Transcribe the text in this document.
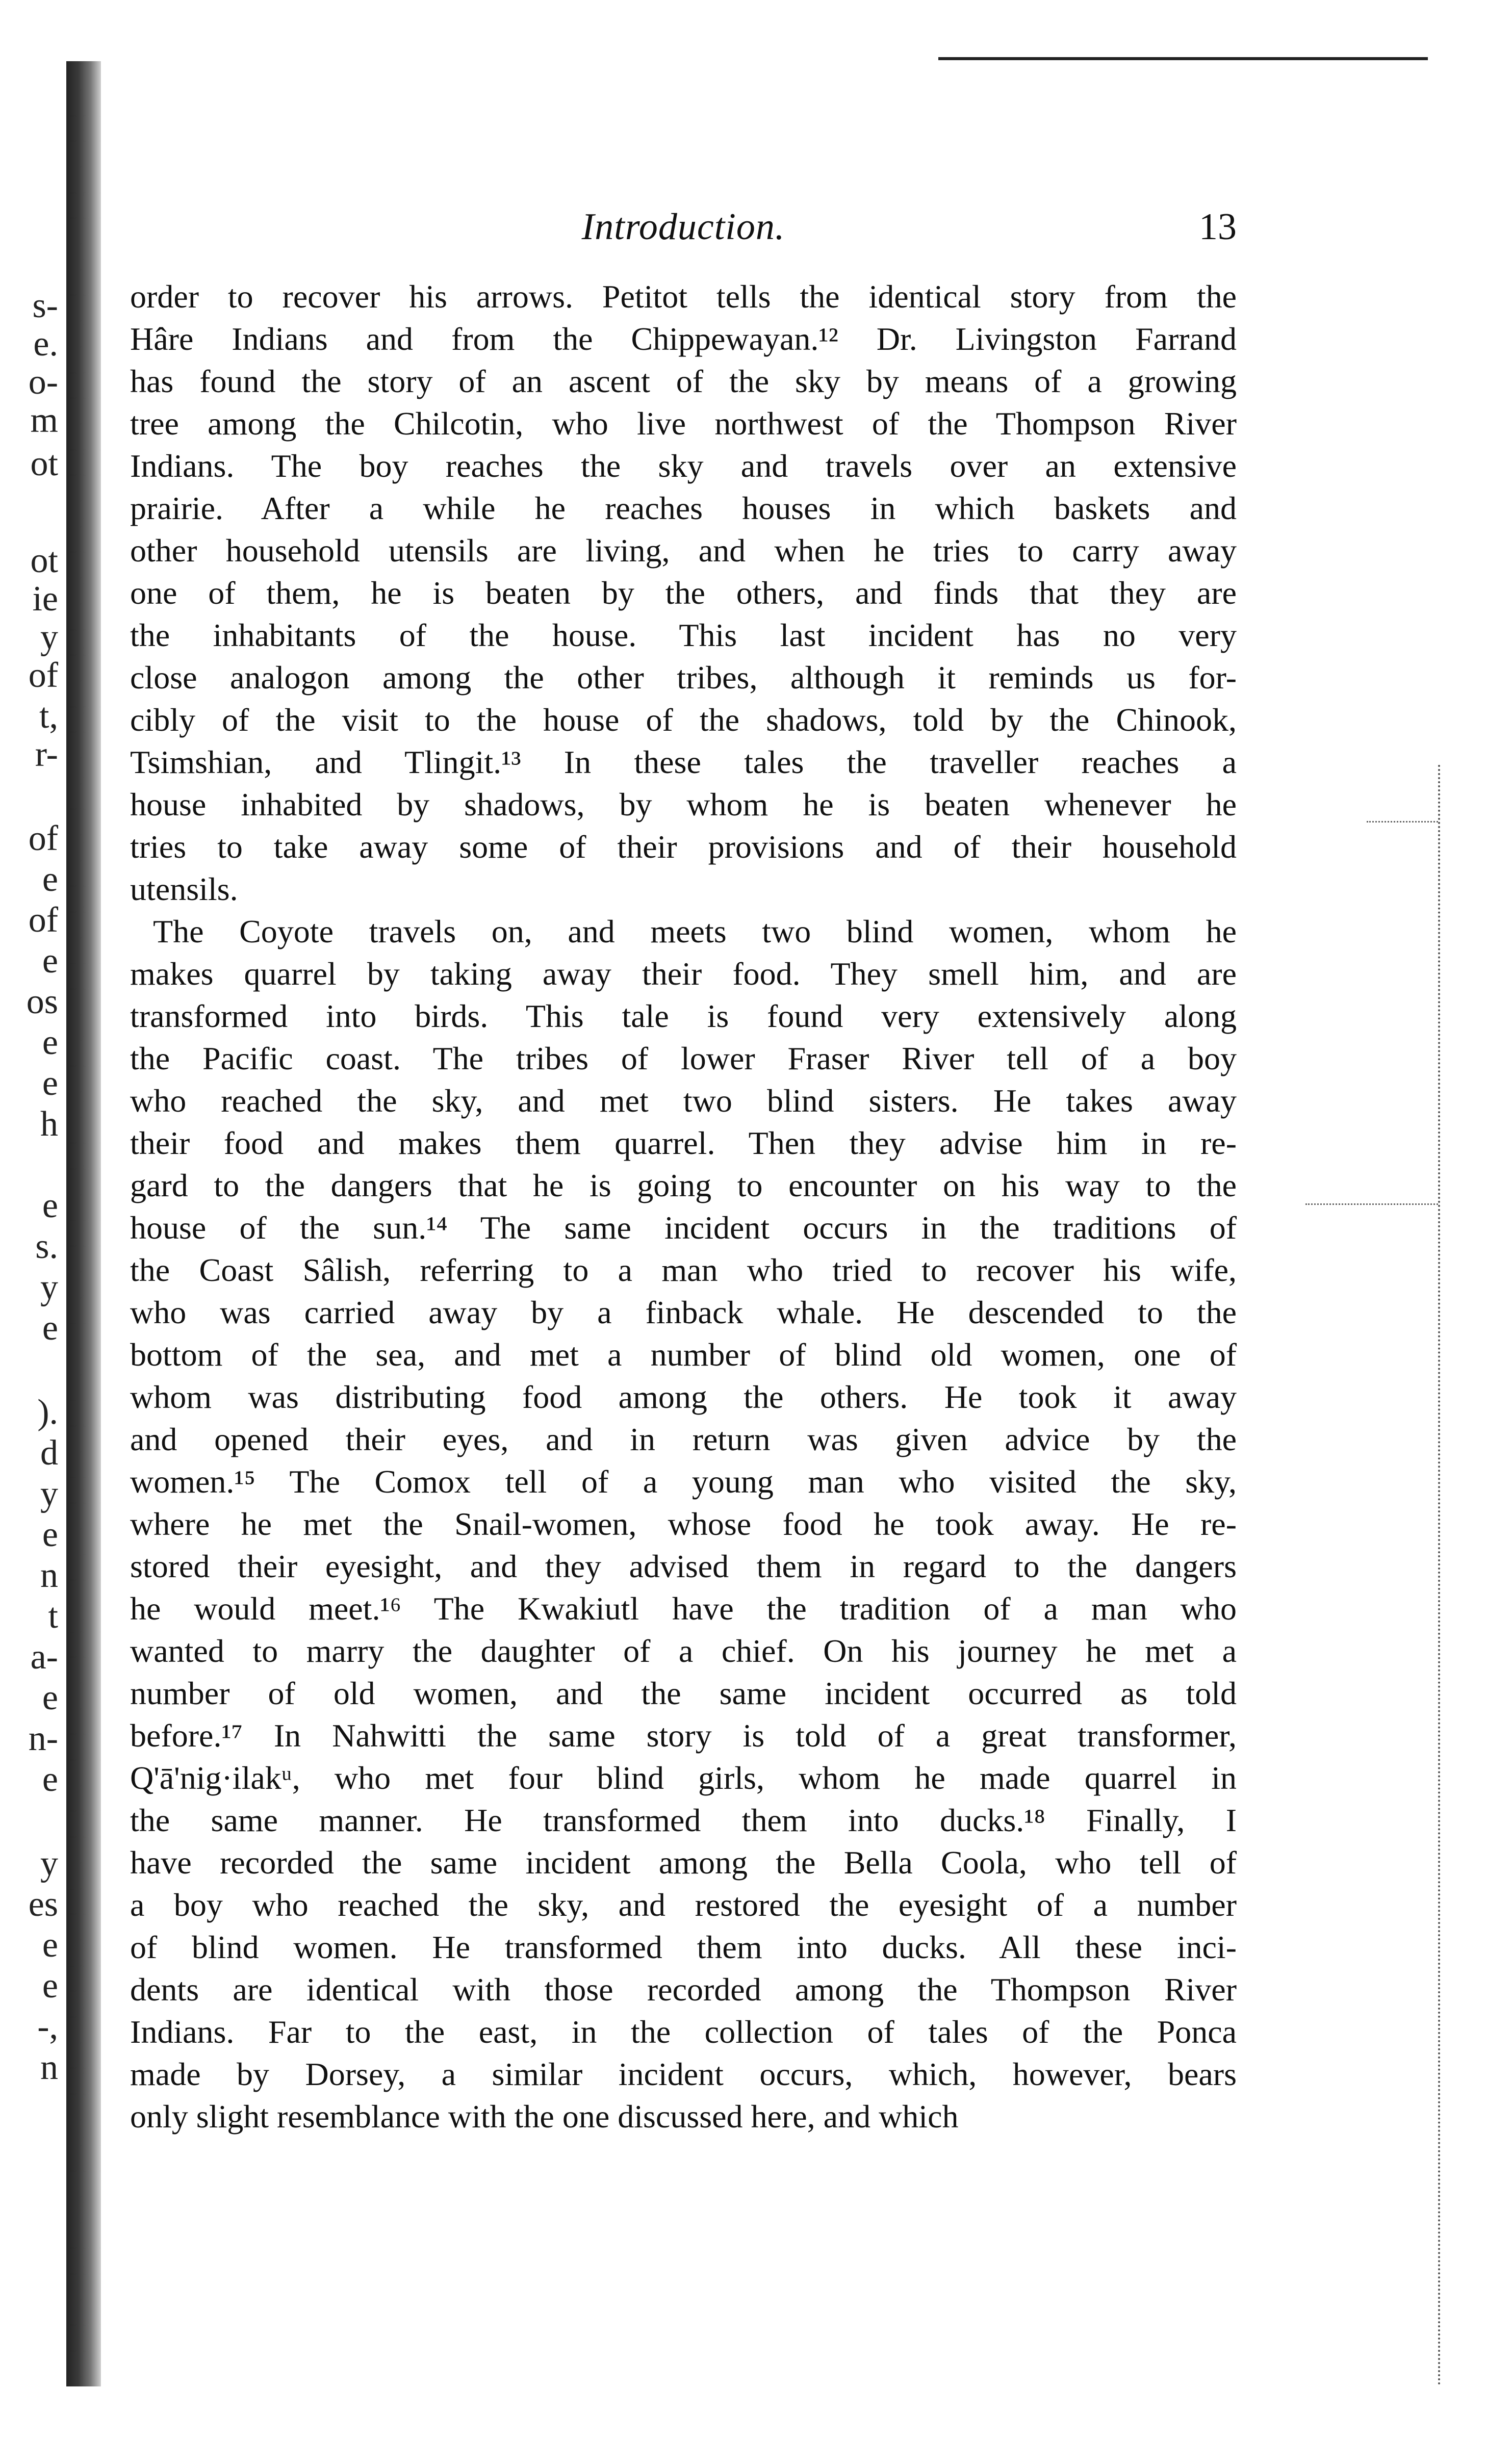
s-
e.
o-
m
ot
ot
ie
y
of
t,
r-
of
e
of
e
os
e
e
h
e
s.
y
e
).
d
y
e
n
t
a-
e
n-
e
y
es
e
e
-,
n
Introduction.	13
order to recover his arrows. Petitot tells the identical story from the
Hâre Indians and from the Chippewayan.¹² Dr. Livingston Farrand
has found the story of an ascent of the sky by means of a growing
tree among the Chilcotin, who live northwest of the Thompson River
Indians. The boy reaches the sky and travels over an extensive
prairie. After a while he reaches houses in which baskets and
other household utensils are living, and when he tries to carry away
one of them, he is beaten by the others, and finds that they are
the inhabitants of the house. This last incident has no very
close analogon among the other tribes, although it reminds us for-
cibly of the visit to the house of the shadows, told by the Chinook,
Tsimshian, and Tlingit.¹³ In these tales the traveller reaches a
house inhabited by shadows, by whom he is beaten whenever he
tries to take away some of their provisions and of their household
utensils.
The Coyote travels on, and meets two blind women, whom he
makes quarrel by taking away their food. They smell him, and are
transformed into birds. This tale is found very extensively along
the Pacific coast. The tribes of lower Fraser River tell of a boy
who reached the sky, and met two blind sisters. He takes away
their food and makes them quarrel. Then they advise him in re-
gard to the dangers that he is going to encounter on his way to the
house of the sun.¹⁴ The same incident occurs in the traditions of
the Coast Sâlish, referring to a man who tried to recover his wife,
who was carried away by a finback whale. He descended to the
bottom of the sea, and met a number of blind old women, one of
whom was distributing food among the others. He took it away
and opened their eyes, and in return was given advice by the
women.¹⁵ The Comox tell of a young man who visited the sky,
where he met the Snail-women, whose food he took away. He re-
stored their eyesight, and they advised them in regard to the dangers
he would meet.¹⁶ The Kwakiutl have the tradition of a man who
wanted to marry the daughter of a chief. On his journey he met a
number of old women, and the same incident occurred as told
before.¹⁷ In Nahwitti the same story is told of a great transformer,
Q'ā'nig·ilakᵘ, who met four blind girls, whom he made quarrel in
the same manner. He transformed them into ducks.¹⁸ Finally, I
have recorded the same incident among the Bella Coola, who tell of
a boy who reached the sky, and restored the eyesight of a number
of blind women. He transformed them into ducks. All these inci-
dents are identical with those recorded among the Thompson River
Indians. Far to the east, in the collection of tales of the Ponca
made by Dorsey, a similar incident occurs, which, however, bears
only slight resemblance with the one discussed here, and which
